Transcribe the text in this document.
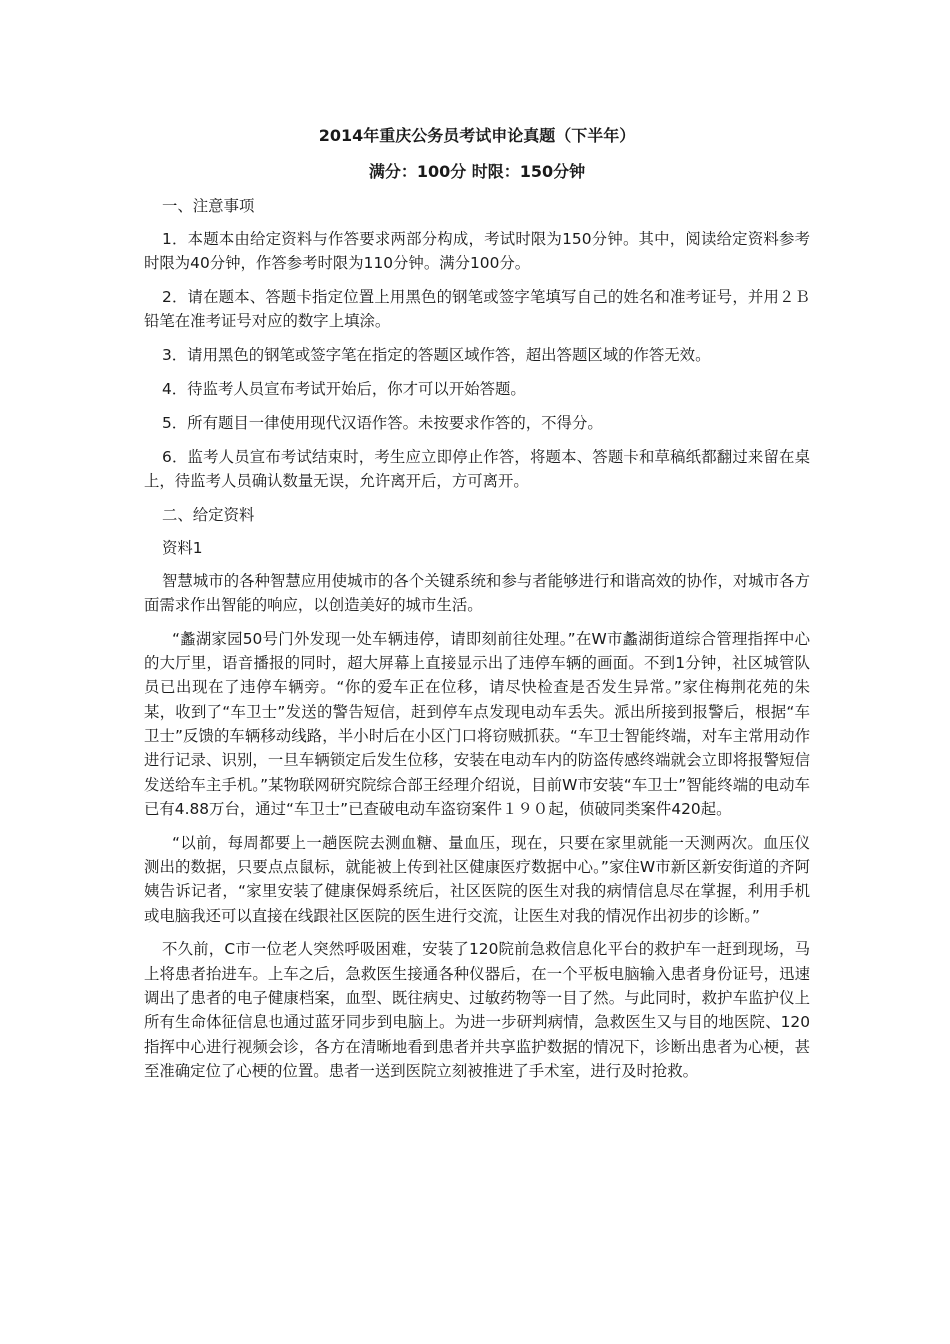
2014年重庆公务员考试申论真题（下半年）
满分：100分 时限：150分钟
一、注意事项
1．本题本由给定资料与作答要求两部分构成，考试时限为150分钟。其中，阅读给定资料参考时限为40分钟，作答参考时限为110分钟。满分100分。
2．请在题本、答题卡指定位置上用黑色的钢笔或签字笔填写自己的姓名和准考证号，并用２Ｂ铅笔在准考证号对应的数字上填涂。
3．请用黑色的钢笔或签字笔在指定的答题区域作答，超出答题区域的作答无效。
4．待监考人员宣布考试开始后，你才可以开始答题。
5．所有题目一律使用现代汉语作答。未按要求作答的，不得分。
6．监考人员宣布考试结束时，考生应立即停止作答，将题本、答题卡和草稿纸都翻过来留在桌上，待监考人员确认数量无误，允许离开后，方可离开。
二、给定资料
资料1
智慧城市的各种智慧应用使城市的各个关键系统和参与者能够进行和谐高效的协作，对城市各方面需求作出智能的响应，以创造美好的城市生活。
“蠡湖家园50号门外发现一处车辆违停，请即刻前往处理。”在W市蠡湖街道综合管理指挥中心的大厅里，语音播报的同时，超大屏幕上直接显示出了违停车辆的画面。不到1分钟，社区城管队员已出现在了违停车辆旁。“你的爱车正在位移，请尽快检查是否发生异常。”家住梅荆花苑的朱某，收到了“车卫士”发送的警告短信，赶到停车点发现电动车丢失。派出所接到报警后，根据“车卫士”反馈的车辆移动线路，半小时后在小区门口将窃贼抓获。“车卫士智能终端，对车主常用动作进行记录、识别，一旦车辆锁定后发生位移，安装在电动车内的防盗传感终端就会立即将报警短信发送给车主手机。”某物联网研究院综合部王经理介绍说，目前W市安装“车卫士”智能终端的电动车已有4.88万台，通过“车卫士”已查破电动车盗窃案件１９０起，侦破同类案件420起。
“以前，每周都要上一趟医院去测血糖、量血压，现在，只要在家里就能一天测两次。血压仪测出的数据，只要点点鼠标，就能被上传到社区健康医疗数据中心。”家住W市新区新安街道的齐阿姨告诉记者，“家里安装了健康保姆系统后，社区医院的医生对我的病情信息尽在掌握，利用手机或电脑我还可以直接在线跟社区医院的医生进行交流，让医生对我的情况作出初步的诊断。”
不久前，C市一位老人突然呼吸困难，安装了120院前急救信息化平台的救护车一赶到现场，马上将患者抬进车。上车之后，急救医生接通各种仪器后，在一个平板电脑输入患者身份证号，迅速调出了患者的电子健康档案，血型、既往病史、过敏药物等一目了然。与此同时，救护车监护仪上所有生命体征信息也通过蓝牙同步到电脑上。为进一步研判病情，急救医生又与目的地医院、120指挥中心进行视频会诊，各方在清晰地看到患者并共享监护数据的情况下，诊断出患者为心梗，甚至准确定位了心梗的位置。患者一送到医院立刻被推进了手术室，进行及时抢救。
